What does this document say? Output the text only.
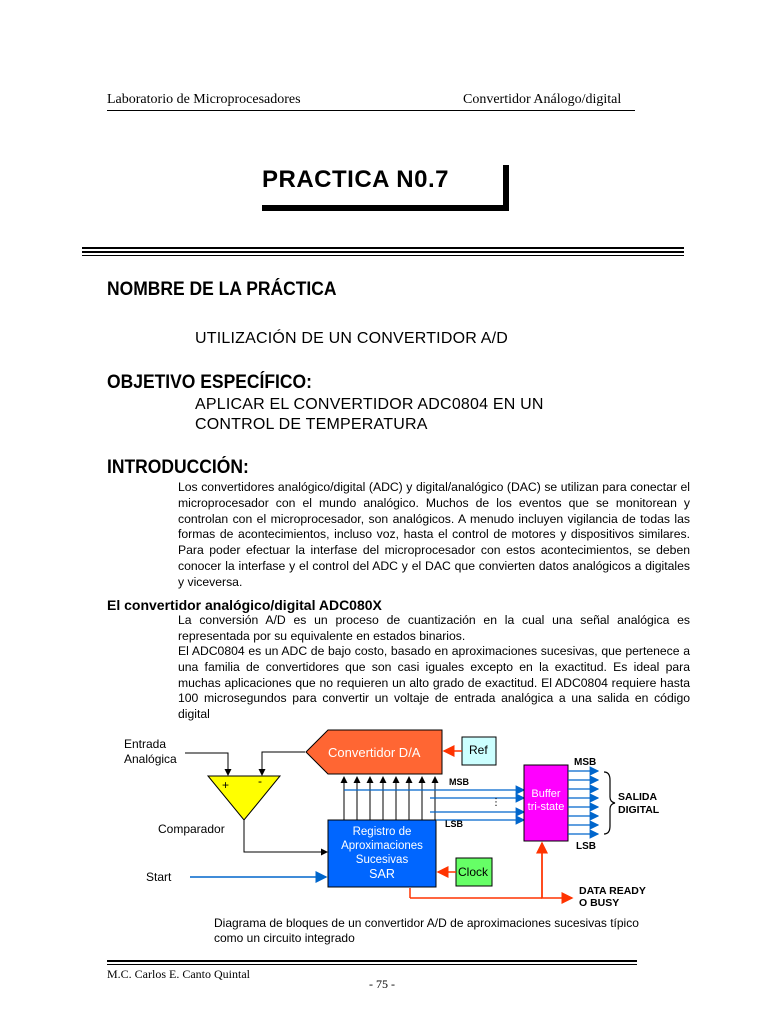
Laboratorio de Microprocesadores	Convertidor Análogo/digital
PRACTICA N0.7
NOMBRE DE LA PRÁCTICA
UTILIZACIÓN DE UN CONVERTIDOR A/D
OBJETIVO ESPECÍFICO:
APLICAR EL CONVERTIDOR ADC0804 EN UN
CONTROL DE TEMPERATURA
INTRODUCCIÓN:
Los convertidores analógico/digital (ADC) y digital/analógico (DAC) se utilizan para conectar el microprocesador con el mundo analógico. Muchos de los eventos que se monitorean y controlan con el microprocesador, son analógicos. A menudo incluyen vigilancia de todas las formas de acontecimientos, incluso voz, hasta el control de motores y dispositivos similares. Para poder efectuar la interfase del microprocesador con estos acontecimientos, se deben conocer la interfase y el control del ADC y el DAC que convierten datos analógicos a digitales y viceversa.
El convertidor analógico/digital ADC080X
La conversión A/D es un proceso de cuantización en la cual una señal analógica es representada por su equivalente en estados binarios.
El ADC0804 es un ADC de bajo costo, basado en aproximaciones sucesivas, que pertenece a una familia de convertidores que son casi iguales excepto en la exactitud. Es ideal para muchas aplicaciones que no requieren un alto grado de exactitud. El ADC0804 requiere hasta 100 microsegundos para convertir un voltaje de entrada analógica a una salida en código digital
Entrada
Analógica
+ -
Comparador
Start
Convertidor D/A	Ref
MSB
⋮
LSB
Registro de
Aproximaciones
Sucesivas
SAR	Clock
Buffer
tri-state
MSB
LSB
SALIDA
DIGITAL
DATA READY
O BUSY
Diagrama de bloques de un convertidor A/D de aproximaciones sucesivas típico
como un circuito integrado
M.C. Carlos E. Canto Quintal
- 75 -
